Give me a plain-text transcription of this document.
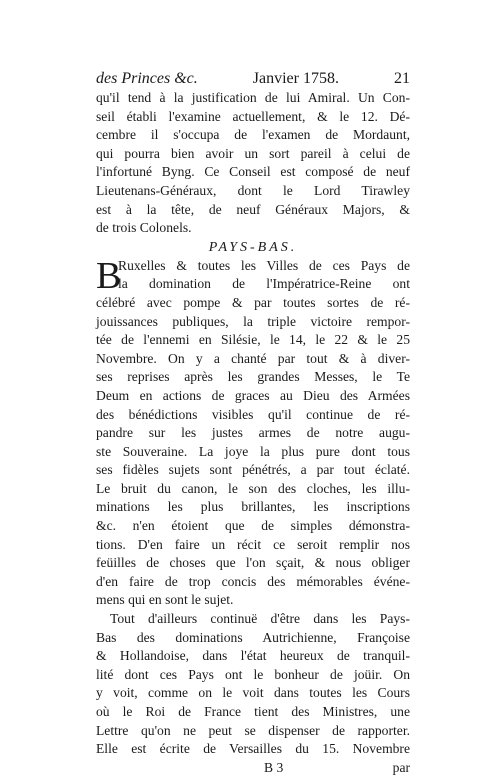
des Princes &c.	Janvier 1758.	21
qu'il tend à la justification de lui Amiral. Un Con-
seil établi l'examine actuellement, & le 12. Dé-
cembre il s'occupa de l'examen de Mordaunt,
qui pourra bien avoir un sort pareil à celui de
l'infortuné Byng. Ce Conseil est composé de neuf
Lieutenans-Généraux, dont le Lord Tirawley
est à la tête, de neuf Généraux Majors, &
de trois Colonels.
PAYS-BAS.
B
Ruxelles & toutes les Villes de ces Pays de
la domination de l'Impératrice-Reine ont
célébré avec pompe & par toutes sortes de ré-
jouissances publiques, la triple victoire rempor-
tée de l'ennemi en Silésie, le 14, le 22 & le 25
Novembre. On y a chanté par tout & à diver-
ses reprises après les grandes Messes, le Te
Deum en actions de graces au Dieu des Armées
des bénédictions visibles qu'il continue de ré-
pandre sur les justes armes de notre augu-
ste Souveraine. La joye la plus pure dont tous
ses fidèles sujets sont pénétrés, a par tout éclaté.
Le bruit du canon, le son des cloches, les illu-
minations les plus brillantes, les inscriptions
&c. n'en étoient que de simples démonstra-
tions. D'en faire un récit ce seroit remplir nos
feüilles de choses que l'on sçait, & nous obliger
d'en faire de trop concis des mémorables événe-
mens qui en sont le sujet.
Tout d'ailleurs continuë d'être dans les Pays-
Bas des dominations Autrichienne, Françoise
& Hollandoise, dans l'état heureux de tranquil-
lité dont ces Pays ont le bonheur de joüir. On
y voit, comme on le voit dans toutes les Cours
où le Roi de France tient des Ministres, une
Lettre qu'on ne peut se dispenser de rapporter.
Elle est écrite de Versailles du 15. Novembre
B 3	par
